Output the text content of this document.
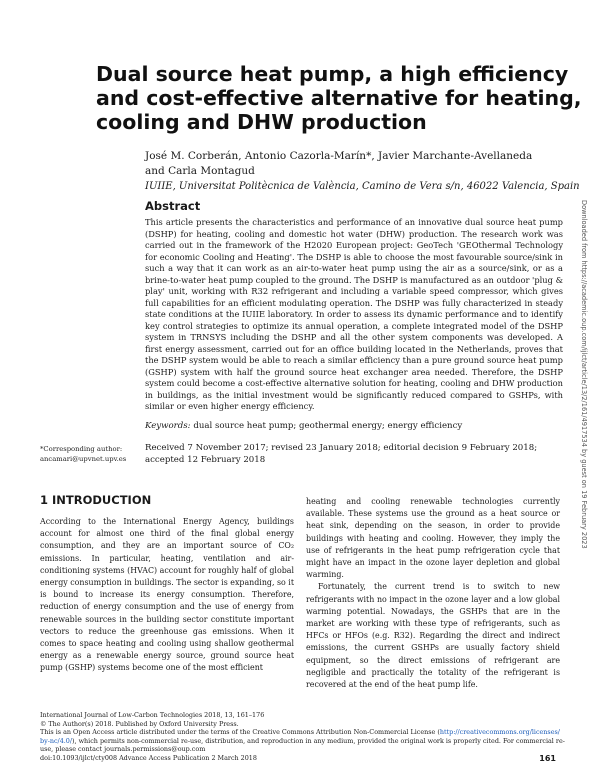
Dual source heat pump, a high efficiency
and cost-effective alternative for heating,
cooling and DHW production
José M. Corberán, Antonio Cazorla-Marín*, Javier Marchante-Avellaneda
and Carla Montagud
IUIIE, Universitat Politècnica de València, Camino de Vera s/n, 46022 Valencia, Spain
Abstract
This article presents the characteristics and performance of an innovative dual source heat pump (DSHP) for heating, cooling and domestic hot water (DHW) production. The research work was carried out in the framework of the H2020 European project: GeoTech 'GEOthermal Technology for economic Cooling and Heating'. The DSHP is able to choose the most favourable source/sink in such a way that it can work as an air-to-water heat pump using the air as a source/sink, or as a brine-to-water heat pump coupled to the ground. The DSHP is manufactured as an outdoor 'plug & play' unit, working with R32 refrigerant and including a variable speed compressor, which gives full capabilities for an efficient modulating operation. The DSHP was fully characterized in steady state conditions at the IUIIE laboratory. In order to assess its dynamic performance and to identify key control strategies to optimize its annual operation, a complete integrated model of the DSHP system in TRNSYS including the DSHP and all the other system components was developed. A first energy assessment, carried out for an office building located in the Netherlands, proves that the DSHP system would be able to reach a similar efficiency than a pure ground source heat pump (GSHP) system with half the ground source heat exchanger area needed. Therefore, the DSHP system could become a cost-effective alternative solution for heating, cooling and DHW production in buildings, as the initial investment would be significantly reduced compared to GSHPs, with similar or even higher energy efficiency.
Keywords: dual source heat pump; geothermal energy; energy efficiency
*Corresponding author:
ancamari@upvnet.upv.es
Received 7 November 2017; revised 23 January 2018; editorial decision 9 February 2018; accepted 12 February 2018
1 INTRODUCTION

According to the International Energy Agency, buildings account for almost one third of the final global energy consumption, and they are an important source of CO₂ emissions. In particular, heating, ventilation and air-conditioning systems (HVAC) account for roughly half of global energy consumption in buildings. The sector is expanding, so it is bound to increase its energy consumption. Therefore, reduction of energy consumption and the use of energy from renewable sources in the building sector constitute important vectors to reduce the greenhouse gas emissions. When it comes to space heating and cooling using shallow geothermal energy as a renewable energy source, ground source heat pump (GSHP) systems become one of the most efficient

heating and cooling renewable technologies currently available. These systems use the ground as a heat source or heat sink, depending on the season, in order to provide buildings with heating and cooling. However, they imply the use of refrigerants in the heat pump refrigeration cycle that might have an impact in the ozone layer depletion and global warming.

Fortunately, the current trend is to switch to new refrigerants with no impact in the ozone layer and a low global warming potential. Nowadays, the GSHPs that are in the market are working with these type of refrigerants, such as HFCs or HFOs (e.g. R32). Regarding the direct and indirect emissions, the current GSHPs are usually factory shield equipment, so the direct emissions of refrigerant are negligible and practically the totality of the refrigerant is recovered at the end of the heat pump life.

International Journal of Low-Carbon Technologies 2018, 13, 161–176
© The Author(s) 2018. Published by Oxford University Press.
This is an Open Access article distributed under the terms of the Creative Commons Attribution Non-Commercial License (http://creativecommons.org/licenses/
by-nc/4.0/), which permits non-commercial re-use, distribution, and reproduction in any medium, provided the original work is properly cited. For commercial re-
use, please contact journals.permissions@oup.com
doi:10.1093/ijlct/cty008 Advance Access Publication 2 March 2018	161
Downloaded from https://academic.oup.com/ijlct/article/13/2/161/4917534 by guest on 19 February 2023
